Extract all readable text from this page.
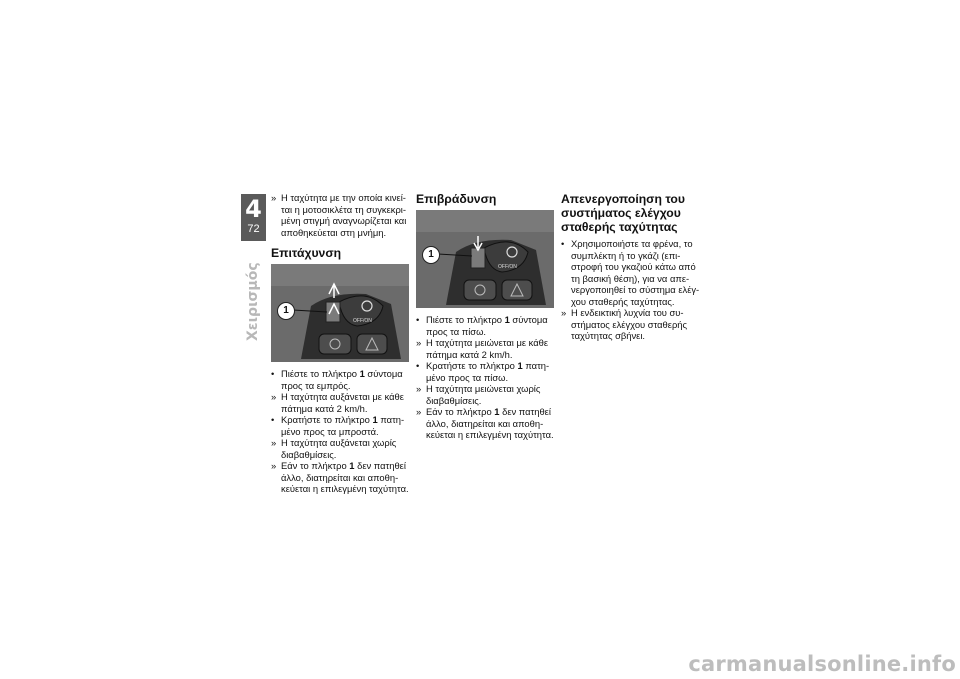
4
72
Χειρισμός

» Η ταχύτητα με την οποία κινεί-ται η μοτοσικλέτα τη συγκεκρι-μένη στιγμή αναγνωρίζεται και αποθηκεύεται στη μνήμη.

Επιτάχυνση
OFF/ON
1

• Πιέστε το πλήκτρο 1 σύντομα προς τα εμπρός.

» Η ταχύτητα αυξάνεται με κάθε πάτημα κατά 2 km/h.

• Κρατήστε το πλήκτρο 1 πατη-μένο προς τα μπροστά.

» Η ταχύτητα αυξάνεται χωρίς διαβαθμίσεις.

» Εάν το πλήκτρο 1 δεν πατηθεί άλλο, διατηρείται και αποθη-κεύεται η επιλεγμένη ταχύτητα.

Επιβράδυνση
OFF/ON
1

• Πιέστε το πλήκτρο 1 σύντομα προς τα πίσω.

» Η ταχύτητα μειώνεται με κάθε πάτημα κατά 2 km/h.

• Κρατήστε το πλήκτρο 1 πατη-μένο προς τα πίσω.

» Η ταχύτητα μειώνεται χωρίς διαβαθμίσεις.

» Εάν το πλήκτρο 1 δεν πατηθεί άλλο, διατηρείται και αποθη-κεύεται η επιλεγμένη ταχύτητα.

Απενεργοποίηση του συστήματος ελέγχου σταθερής ταχύτητας

• Χρησιμοποιήστε τα φρένα, το συμπλέκτη ή το γκάζι (επι-στροφή του γκαζιού κάτω από τη βασική θέση), για να απε-νεργοποιηθεί το σύστημα ελέγ-χου σταθερής ταχύτητας.

» Η ενδεικτική λυχνία του συ-στήματος ελέγχου σταθερής ταχύτητας σβήνει.

carmanualsonline.info
